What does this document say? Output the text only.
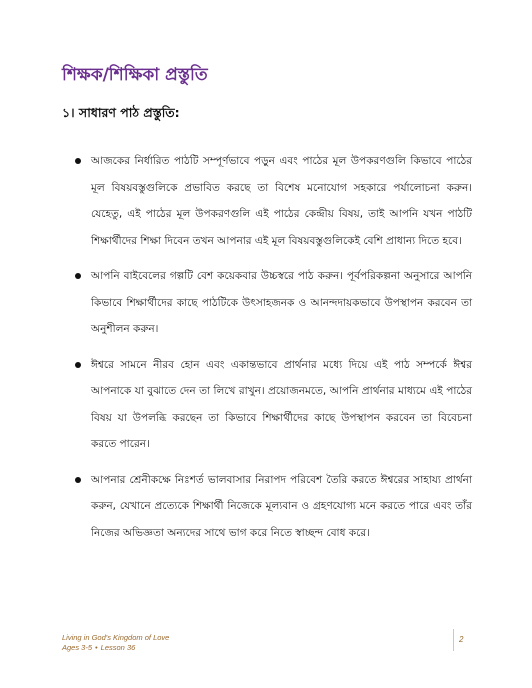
শিক্ষক/শিক্ষিকা প্রস্তুতি
১। সাধারণ পাঠ প্রস্তুতি:
আজকের নির্ধারিত পাঠটি সম্পূর্ণভাবে পড়ুন এবং পাঠের মূল উপকরণগুলি কিভাবে পাঠের মূল বিষয়বস্তুগুলিকে প্রভাবিত করছে তা বিশেষ মনোযোগ সহকারে পর্যালোচনা করুন। যেহেতু, এই পাঠের মূল উপকরণগুলি এই পাঠের কেন্দ্রীয় বিষয়, তাই আপনি যখন পাঠটি শিক্ষার্থীদের শিক্ষা দিবেন তখন আপনার এই মূল বিষয়বস্তুগুলিকেই বেশি প্রাধান্য দিতে হবে।
আপনি বাইবেলের গল্পটি বেশ কয়েকবার উচ্চস্বরে পাঠ করুন। পূর্বপরিকল্পনা অনুসারে আপনি কিভাবে শিক্ষার্থীদের কাছে পাঠটিকে উৎসাহজনক ও আনন্দদায়কভাবে উপস্থাপন করবেন তা অনুশীলন করুন।
ঈশ্বরে সামনে নীরব হোন এবং একান্তভাবে প্রার্থনার মধ্যে দিয়ে এই পাঠ সম্পর্কে ঈশ্বর আপনাকে যা বুঝাতে দেন তা লিখে রাখুন। প্রয়োজনমতে, আপনি প্রার্থনার মাধ্যমে এই পাঠের বিষয় যা উপলব্ধি করছেন তা কিভাবে শিক্ষার্থীদের কাছে উপস্থাপন করবেন তা বিবেচনা করতে পারেন।
আপনার শ্রেনীকক্ষে নিঃশর্ত ভালবাসার নিরাপদ পরিবেশ তৈরি করতে ঈশ্বরের সাহায্য প্রার্থনা করুন, যেখানে প্রত্যেকে শিক্ষার্থী নিজেকে মূল্যবান ও গ্রহণযোগ্য মনে করতে পারে এবং তাঁর নিজের অভিজ্ঞতা অন্যদের সাথে ভাগ করে নিতে স্বাচ্ছন্দ বোধ করে।
Living in God's Kingdom of Love
Ages 3-5 • Lesson 36
2
